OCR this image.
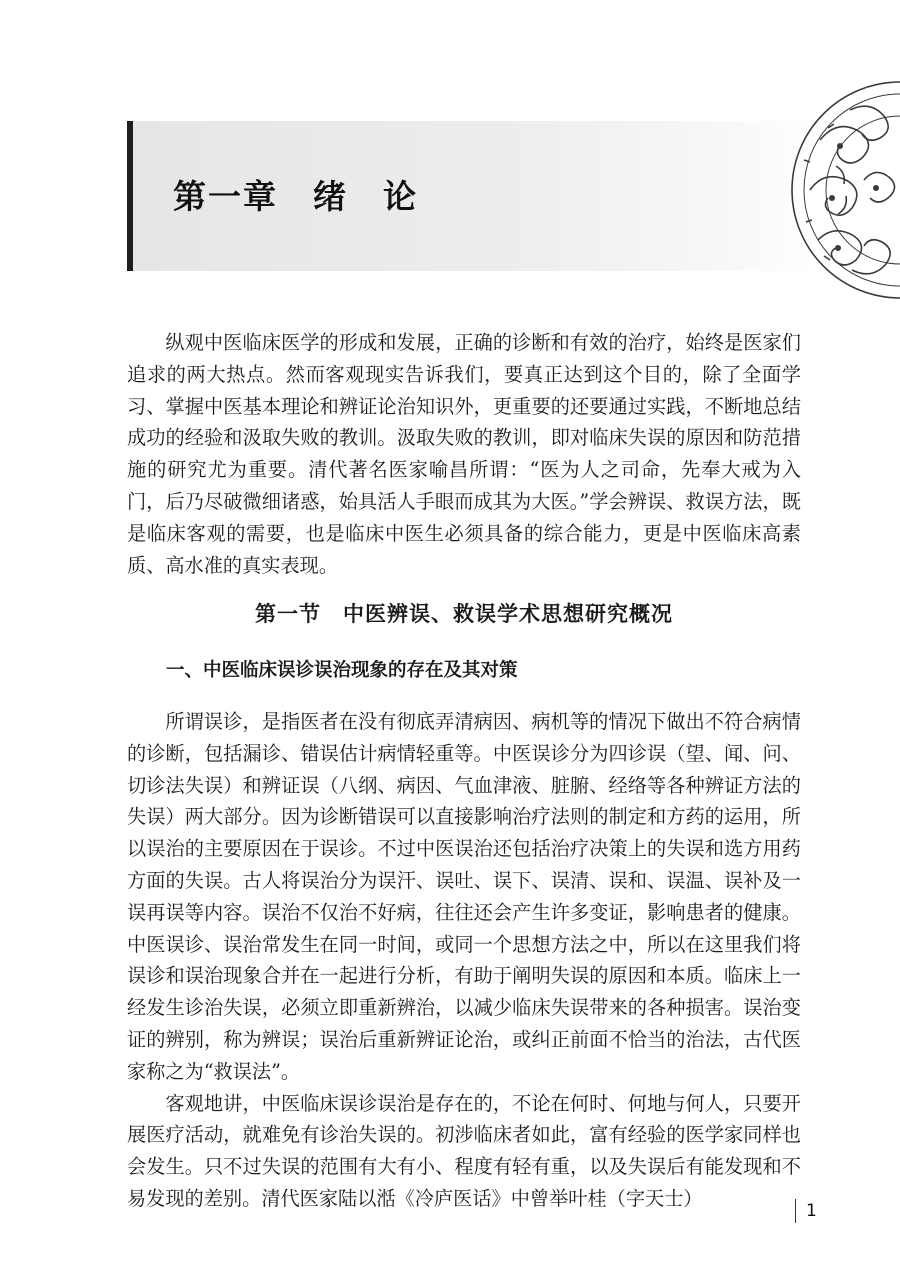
第一章　绪　论

纵观中医临床医学的形成和发展，正确的诊断和有效的治疗，始终是医家们追求的两大热点。然而客观现实告诉我们，要真正达到这个目的，除了全面学习、掌握中医基本理论和辨证论治知识外，更重要的还要通过实践，不断地总结成功的经验和汲取失败的教训。汲取失败的教训，即对临床失误的原因和防范措施的研究尤为重要。清代著名医家喻昌所谓：“医为人之司命，先奉大戒为入门，后乃尽破微细诸惑，始具活人手眼而成其为大医。”学会辨误、救误方法，既是临床客观的需要，也是临床中医生必须具备的综合能力，更是中医临床高素质、高水准的真实表现。

第一节　中医辨误、救误学术思想研究概况
一、中医临床误诊误治现象的存在及其对策

所谓误诊，是指医者在没有彻底弄清病因、病机等的情况下做出不符合病情的诊断，包括漏诊、错误估计病情轻重等。中医误诊分为四诊误（望、闻、问、切诊法失误）和辨证误（八纲、病因、气血津液、脏腑、经络等各种辨证方法的失误）两大部分。因为诊断错误可以直接影响治疗法则的制定和方药的运用，所以误治的主要原因在于误诊。不过中医误治还包括治疗决策上的失误和选方用药方面的失误。古人将误治分为误汗、误吐、误下、误清、误和、误温、误补及一误再误等内容。误治不仅治不好病，往往还会产生许多变证，影响患者的健康。中医误诊、误治常发生在同一时间，或同一个思想方法之中，所以在这里我们将误诊和误治现象合并在一起进行分析，有助于阐明失误的原因和本质。临床上一经发生诊治失误，必须立即重新辨治，以减少临床失误带来的各种损害。误治变证的辨别，称为辨误；误治后重新辨证论治，或纠正前面不恰当的治法，古代医家称之为“救误法”。

客观地讲，中医临床误诊误治是存在的，不论在何时、何地与何人，只要开展医疗活动，就难免有诊治失误的。初涉临床者如此，富有经验的医学家同样也会发生。只不过失误的范围有大有小、程度有轻有重，以及失误后有能发现和不易发现的差别。清代医家陆以湉《冷庐医话》中曾举叶桂（字天士）

1
